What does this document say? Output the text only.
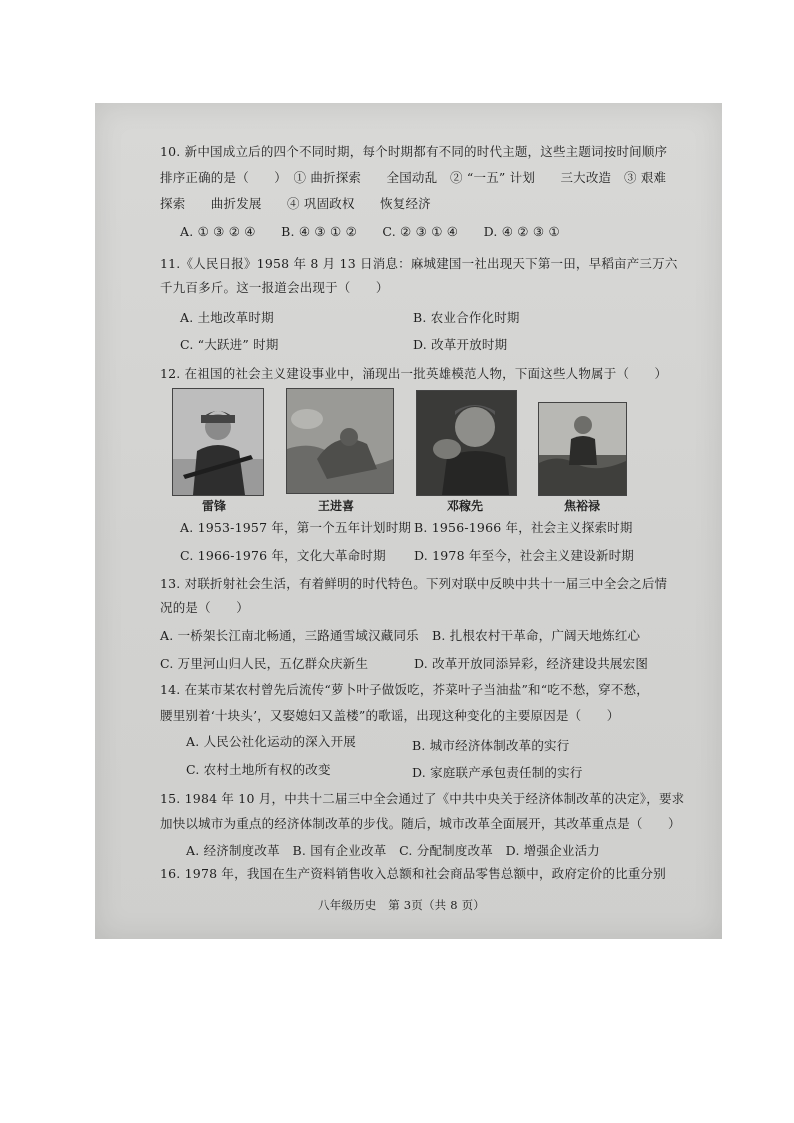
10. 新中国成立后的四个不同时期，每个时期都有不同的时代主题，这些主题词按时间顺序
排序正确的是（　　）　① 曲折探索　　全国动乱　② “一五” 计划　　三大改造　③ 艰难
探索　　曲折发展　　④ 巩固政权　　恢复经济
A. ① ③ ② ④　　B. ④ ③ ① ②　　C. ② ③ ① ④　　D. ④ ② ③ ①
11.《人民日报》1958 年 8 月 13 日消息：麻城建国一社出现天下第一田，早稻亩产三万六
千九百多斤。这一报道会出现于（　　）
A. 土地改革时期	B. 农业合作化时期
C. “大跃进” 时期	D. 改革开放时期
12. 在祖国的社会主义建设事业中，涌现出一批英雄模范人物，下面这些人物属于（　　）
雷锋	王进喜	邓稼先	焦裕禄
A. 1953-1957 年，第一个五年计划时期 B. 1956-1966 年，社会主义探索时期
C. 1966-1976 年，文化大革命时期 D. 1978 年至今，社会主义建设新时期
13. 对联折射社会生活，有着鲜明的时代特色。下列对联中反映中共十一届三中全会之后情
况的是（　　）
A. 一桥架长江南北畅通，三路通雪域汉藏同乐 B. 扎根农村干革命，广阔天地炼红心
C. 万里河山归人民，五亿群众庆新生	D. 改革开放同添异彩，经济建设共展宏图
14. 在某市某农村曾先后流传“萝卜叶子做饭吃，芥菜叶子当油盐”和“吃不愁，穿不愁，
腰里别着‘十块头’，又娶媳妇又盖楼”的歌谣，出现这种变化的主要原因是（　　）
A. 人民公社化运动的深入开展	B. 城市经济体制改革的实行
C. 农村土地所有权的改变	D. 家庭联产承包责任制的实行
15. 1984 年 10 月，中共十二届三中全会通过了《中共中央关于经济体制改革的决定》，要求
加快以城市为重点的经济体制改革的步伐。随后，城市改革全面展开，其改革重点是（　　）
A. 经济制度改革　B. 国有企业改革　C. 分配制度改革　D. 增强企业活力
16. 1978 年，我国在生产资料销售收入总额和社会商品零售总额中，政府定价的比重分别
八年级历史　第 3页（共 8 页）
